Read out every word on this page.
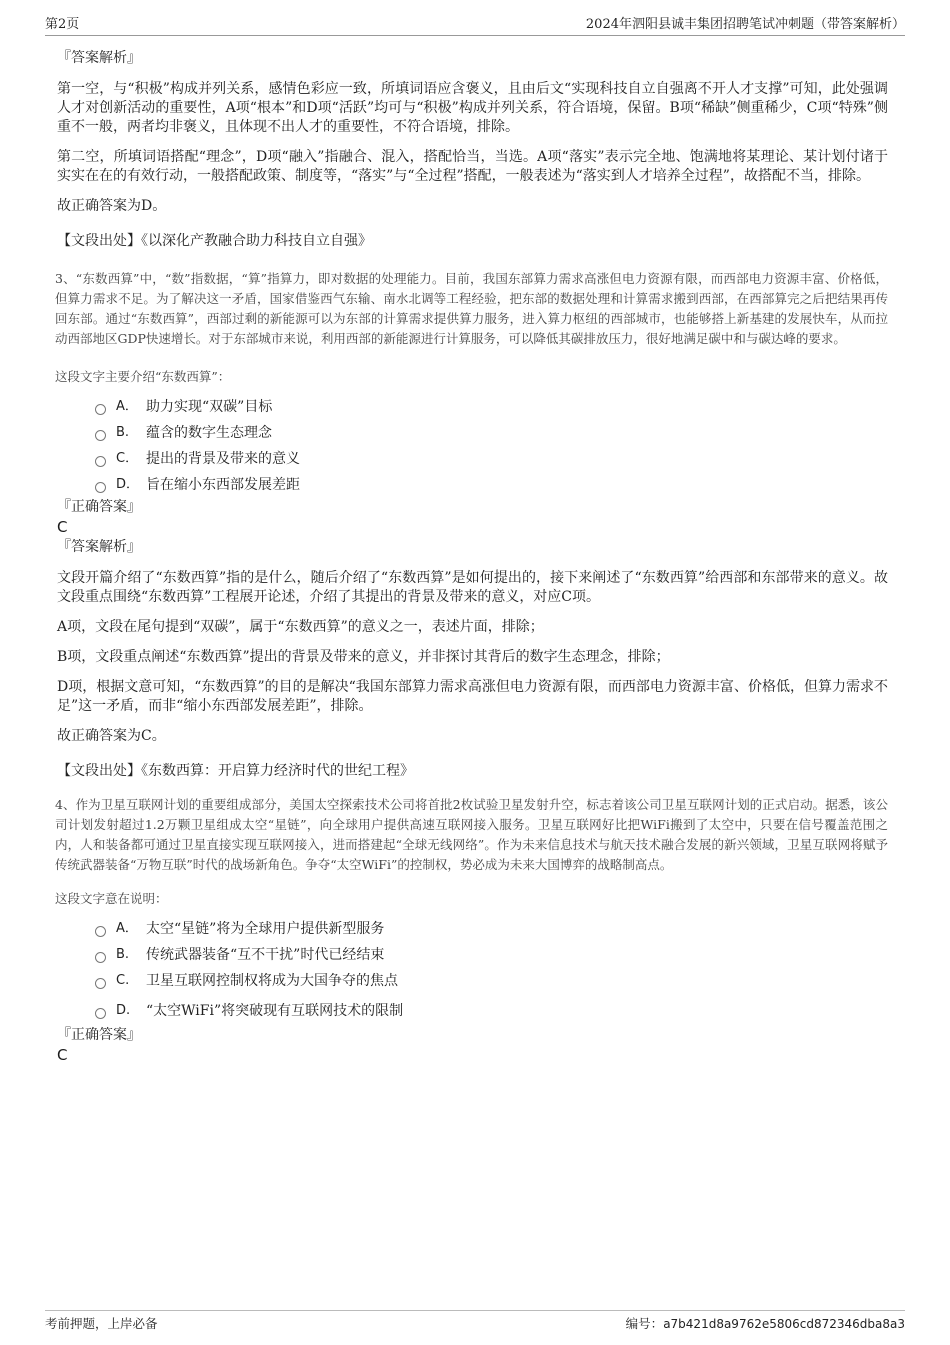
第2页	2024年泗阳县诚丰集团招聘笔试冲刺题（带答案解析）

『答案解析』

第一空，与“积极”构成并列关系，感情色彩应一致，所填词语应含褒义，且由后文“实现科技自立自强离不开人才支撑”可知，此处强调人才对创新活动的重要性，A项“根本”和D项“活跃”均可与“积极”构成并列关系，符合语境，保留。B项“稀缺”侧重稀少，C项“特殊”侧重不一般，两者均非褒义，且体现不出人才的重要性，不符合语境，排除。

第二空，所填词语搭配“理念”，D项“融入”指融合、混入，搭配恰当，当选。A项“落实”表示完全地、饱满地将某理论、某计划付诸于实实在在的有效行动，一般搭配政策、制度等，“落实”与“全过程”搭配，一般表述为“落实到人才培养全过程”，故搭配不当，排除。

故正确答案为D。

【文段出处】《以深化产教融合助力科技自立自强》

3、“东数西算”中，“数”指数据，“算”指算力，即对数据的处理能力。目前，我国东部算力需求高涨但电力资源有限，而西部电力资源丰富、价格低，但算力需求不足。为了解决这一矛盾，国家借鉴西气东输、南水北调等工程经验，把东部的数据处理和计算需求搬到西部，在西部算完之后把结果再传回东部。通过“东数西算”，西部过剩的新能源可以为东部的计算需求提供算力服务，进入算力枢纽的西部城市，也能够搭上新基建的发展快车，从而拉动西部地区GDP快速增长。对于东部城市来说，利用西部的新能源进行计算服务，可以降低其碳排放压力，很好地满足碳中和与碳达峰的要求。

这段文字主要介绍“东数西算”：

A． 助力实现“双碳”目标
B.	蕴含的数字生态理念
C． 提出的背景及带来的意义
D． 旨在缩小东西部发展差距

『正确答案』

C

『答案解析』

文段开篇介绍了“东数西算”指的是什么，随后介绍了“东数西算”是如何提出的，接下来阐述了“东数西算”给西部和东部带来的意义。故文段重点围绕“东数西算”工程展开论述，介绍了其提出的背景及带来的意义，对应C项。

A项，文段在尾句提到“双碳”，属于“东数西算”的意义之一，表述片面，排除；

B项，文段重点阐述“东数西算”提出的背景及带来的意义，并非探讨其背后的数字生态理念，排除；

D项，根据文意可知，“东数西算”的目的是解决“我国东部算力需求高涨但电力资源有限，而西部电力资源丰富、价格低，但算力需求不足”这一矛盾，而非“缩小东西部发展差距”，排除。

故正确答案为C。

【文段出处】《东数西算：开启算力经济时代的世纪工程》

4、作为卫星互联网计划的重要组成部分，美国太空探索技术公司将首批2枚试验卫星发射升空，标志着该公司卫星互联网计划的正式启动。据悉，该公司计划发射超过1.2万颗卫星组成太空“星链”，向全球用户提供高速互联网接入服务。卫星互联网好比把WiFi搬到了太空中，只要在信号覆盖范围之内，人和装备都可通过卫星直接实现互联网接入，进而搭建起“全球无线网络”。作为未来信息技术与航天技术融合发展的新兴领域，卫星互联网将赋予传统武器装备“万物互联”时代的战场新角色。争夺“太空WiFi”的控制权，势必成为未来大国博弈的战略制高点。

这段文字意在说明：

A． 太空“星链”将为全球用户提供新型服务
B.	传统武器装备“互不干扰”时代已经结束
C.	卫星互联网控制权将成为大国争夺的焦点
D.	“太空WiFi”将突破现有互联网技术的限制

『正确答案』

C

考前押题，上岸必备	编号：a7b421d8a9762e5806cd872346dba8a3
